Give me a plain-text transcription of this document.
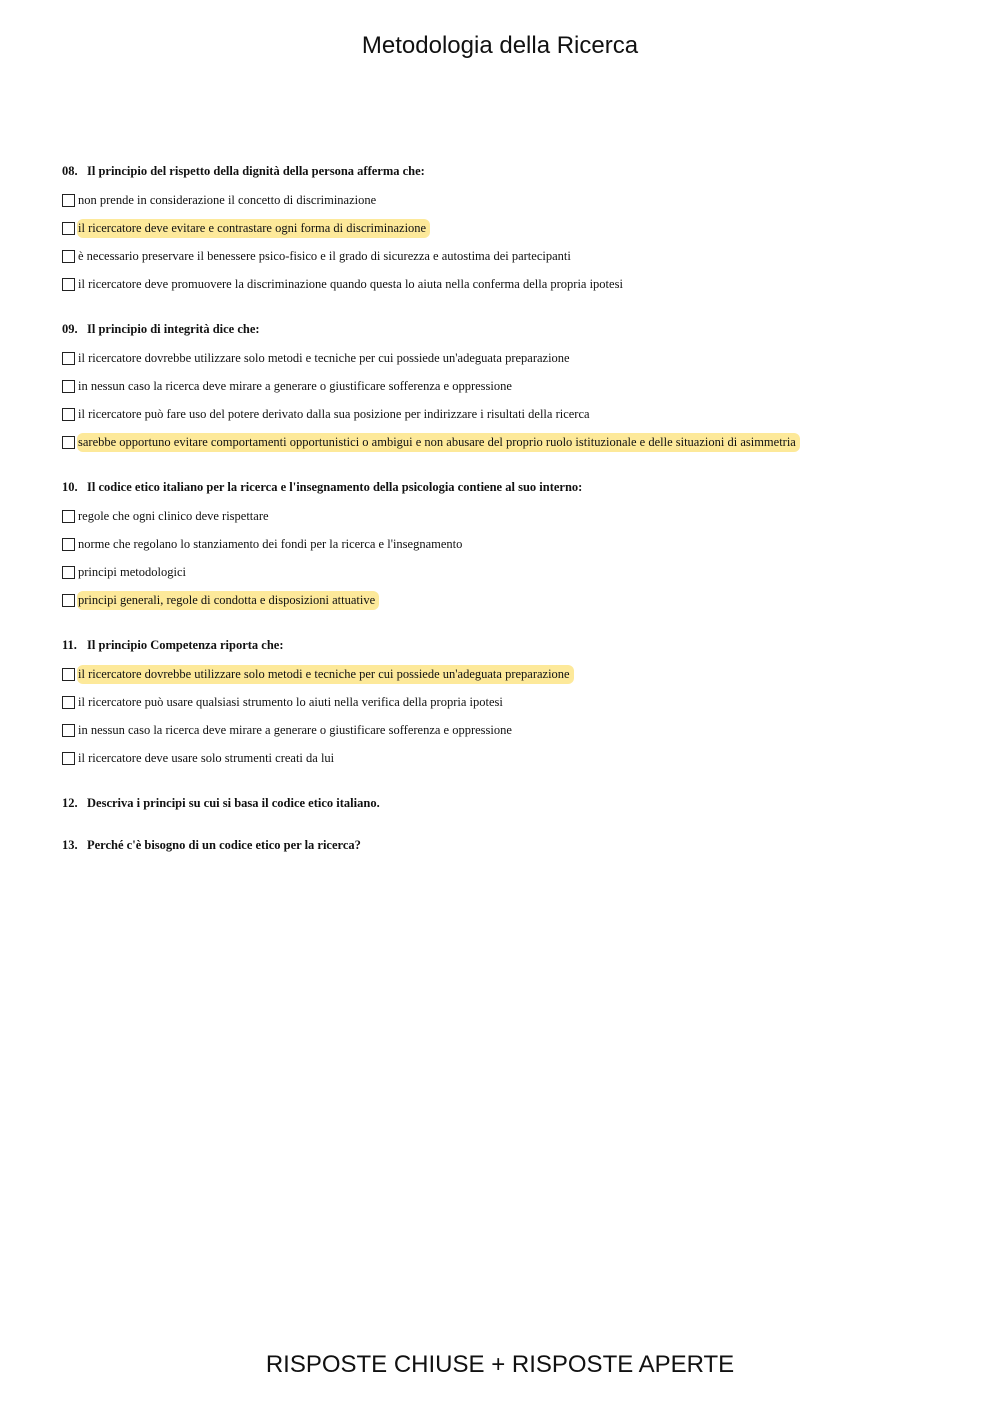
Metodologia della Ricerca
08. Il principio del rispetto della dignità della persona afferma che:
non prende in considerazione il concetto di discriminazione
il ricercatore deve evitare e contrastare ogni forma di discriminazione
è necessario preservare il benessere psico-fisico e il grado di sicurezza e autostima dei partecipanti
il ricercatore deve promuovere la discriminazione quando questa lo aiuta nella conferma della propria ipotesi
09. Il principio di integrità dice che:
il ricercatore dovrebbe utilizzare solo metodi e tecniche per cui possiede un'adeguata preparazione
in nessun caso la ricerca deve mirare a generare o giustificare sofferenza e oppressione
il ricercatore può fare uso del potere derivato dalla sua posizione per indirizzare i risultati della ricerca
sarebbe opportuno evitare comportamenti opportunistici o ambigui e non abusare del proprio ruolo istituzionale e delle situazioni di asimmetria
10. Il codice etico italiano per la ricerca e l'insegnamento della psicologia contiene al suo interno:
regole che ogni clinico deve rispettare
norme che regolano lo stanziamento dei fondi per la ricerca e l'insegnamento
principi metodologici
principi generali, regole di condotta e disposizioni attuative
11. Il principio Competenza riporta che:
il ricercatore dovrebbe utilizzare solo metodi e tecniche per cui possiede un'adeguata preparazione
il ricercatore può usare qualsiasi strumento lo aiuti nella verifica della propria ipotesi
in nessun caso la ricerca deve mirare a generare o giustificare sofferenza e oppressione
il ricercatore deve usare solo strumenti creati da lui
12. Descriva i principi su cui si basa il codice etico italiano.
13. Perché c'è bisogno di un codice etico per la ricerca?
RISPOSTE CHIUSE + RISPOSTE APERTE
